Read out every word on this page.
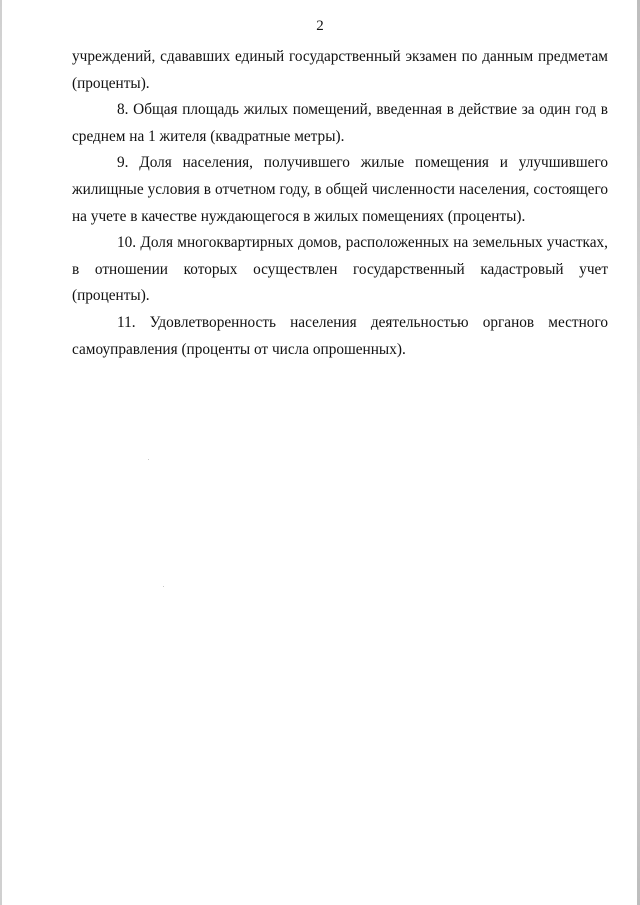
2

учреждений, сдававших единый государственный экзамен по данным предметам (проценты).

8. Общая площадь жилых помещений, введенная в действие за один год в среднем на 1 жителя (квадратные метры).

9. Доля населения, получившего жилые помещения и улучшившего жилищные условия в отчетном году, в общей численности населения, состоящего на учете в качестве нуждающегося в жилых помещениях (проценты).

10. Доля многоквартирных домов, расположенных на земельных участках, в отношении которых осуществлен государственный кадастровый учет (проценты).

11. Удовлетворенность населения деятельностью органов местного самоуправления (проценты от числа опрошенных).
